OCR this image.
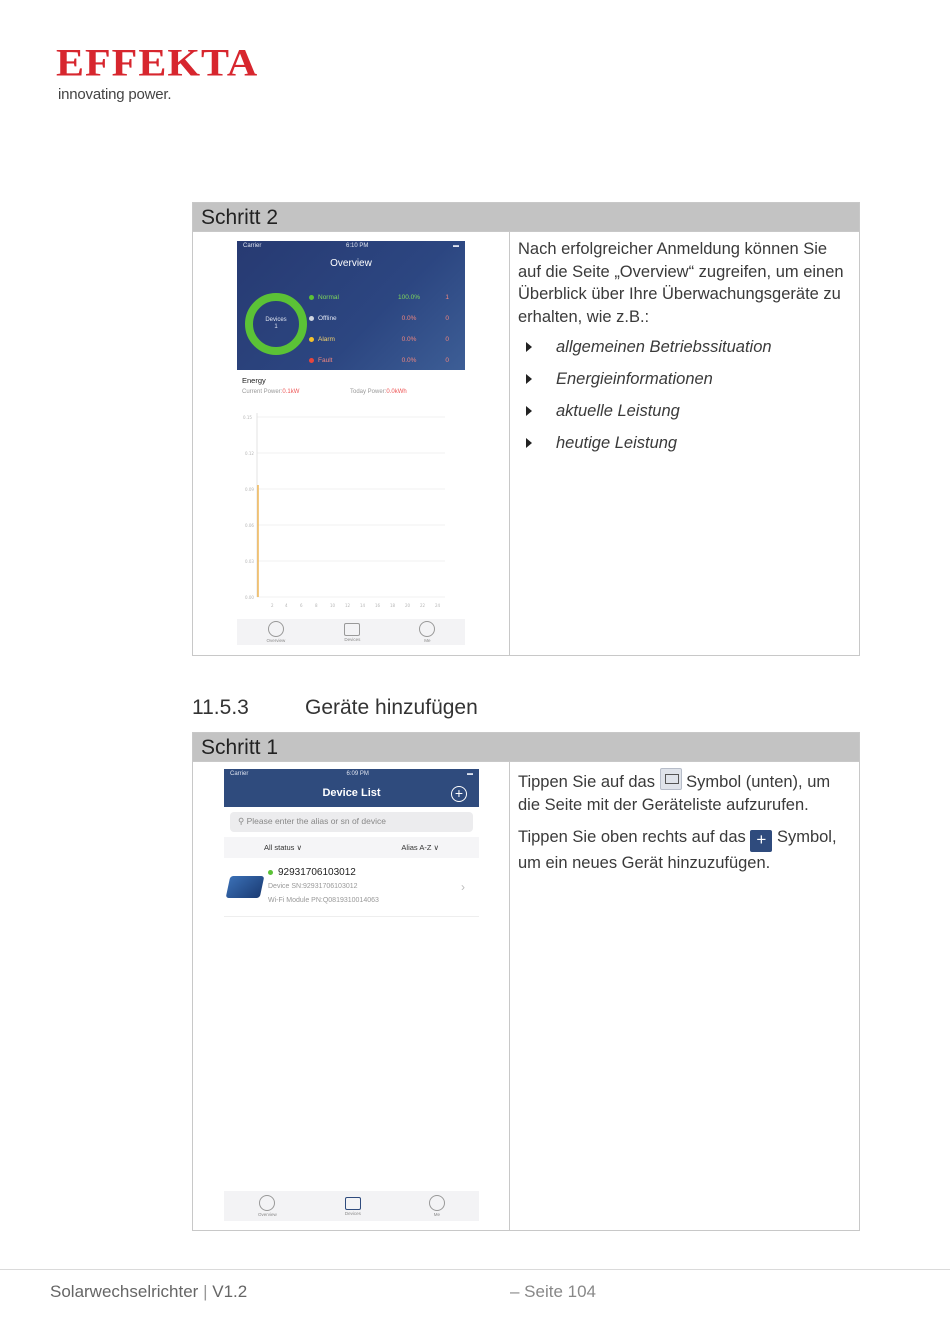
EFFEKTA
innovating power.
Schritt 2
Carrier	6:10 PM	▬
Overview
Devices
1
Normal	100.0%	1
Offline	0.0%	0
Alarm	0.0%	0
Fault	0.0%	0
Energy
Current Power:0.1kW	Today Power:0.0kWh
0.15
0.12
0.09
0.06
0.03
0.00
2	4	6	8	10 12 14 16 18 20 22 24
Overview	Devices	Me

Nach erfolgreicher Anmeldung können Sie auf die Seite „Overview“ zugreifen, um einen Überblick über Ihre Überwachungsgeräte zu erhalten, wie z.B.:

allgemeinen Betriebssituation
Energieinformationen
aktuelle Leistung
heutige Leistung
11.5.3	Geräte hinzufügen
Schritt 1
Carrier	6:09 PM	▬
Device List	+
⚲ Please enter the alias or sn of device
All status ∨	Alias A-Z ∨
92931706103012
Device SN:92931706103012
Wi-Fi Module PN:Q0819310014063
›
Overview	Devices	Me

Tippen Sie auf das  Symbol (unten), um die Seite mit der Geräteliste aufzurufen.

Tippen Sie oben rechts auf das + Symbol, um ein neues Gerät hinzuzufügen.

Solarwechselrichter | V1.2	– Seite 104
